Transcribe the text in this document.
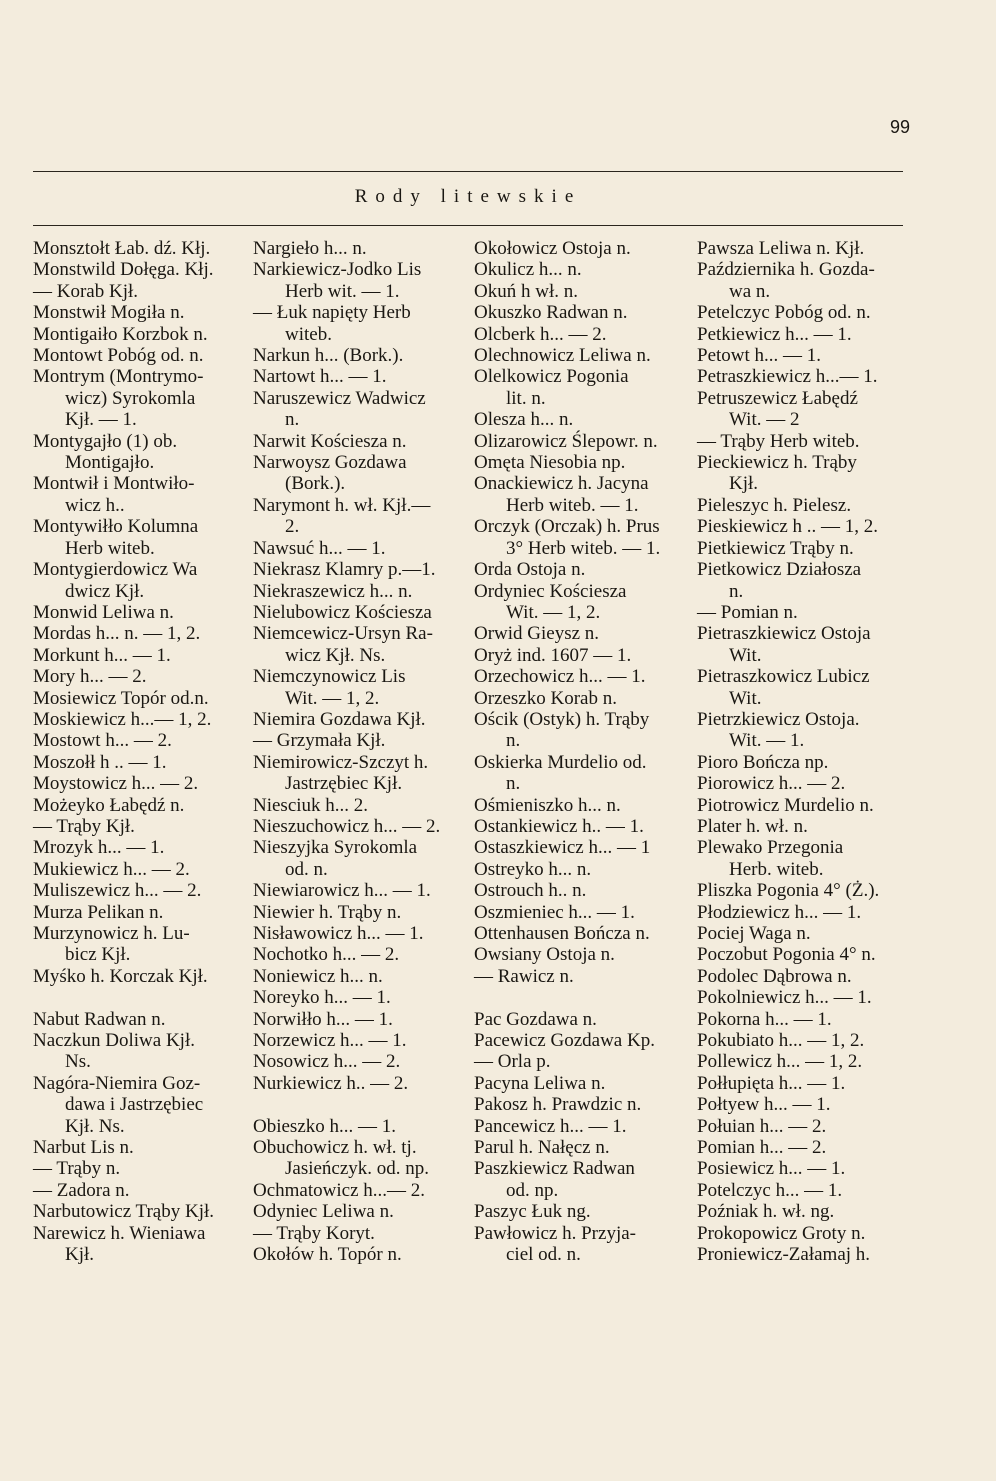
99
Rody litewskie
Monsztołt Łab. dź. Kłj.
Monstwild Dołęga. Kłj.
— Korab Kjł.
Monstwił Mogiła n.
Montigaiło Korzbok n.
Montowt Pobóg od. n.
Montrym (Montrymo-
wicz) Syrokomla
Kjł. — 1.
Montygajło (1) ob.
Montigajło.
Montwił i Montwiło-
wicz h..
Montywiłło Kolumna
Herb witeb.
Montygierdowicz Wa
dwicz Kjł.
Monwid Leliwa n.
Mordas h... n. — 1, 2.
Morkunt h... — 1.
Mory h... — 2.
Mosiewicz Topór od.n.
Moskiewicz h...— 1, 2.
Mostowt h... — 2.
Moszołł h .. — 1.
Moystowicz h... — 2.
Możeyko Łabędź n.
— Trąby Kjł.
Mrozyk h... — 1.
Mukiewicz h... — 2.
Muliszewicz h... — 2.
Murza Pelikan n.
Murzynowicz h. Lu-
bicz Kjł.
Myśko h. Korczak Kjł.
Nabut Radwan n.
Naczkun Doliwa Kjł.
Ns.
Nagóra-Niemira Goz-
dawa i Jastrzębiec
Kjł. Ns.
Narbut Lis n.
— Trąby n.
— Zadora n.
Narbutowicz Trąby Kjł.
Narewicz h. Wieniawa
Kjł.
Nargieło h... n.
Narkiewicz-Jodko Lis
Herb wit. — 1.
— Łuk napięty Herb
witeb.
Narkun h... (Bork.).
Nartowt h... — 1.
Naruszewicz Wadwicz
n.
Narwit Kościesza n.
Narwoysz Gozdawa
(Bork.).
Narymont h. wł. Kjł.—
2.
Nawsuć h... — 1.
Niekrasz Klamry p.—1.
Niekraszewicz h... n.
Nielubowicz Kościesza
Niemcewicz-Ursyn Ra-
wicz Kjł. Ns.
Niemczynowicz Lis
Wit. — 1, 2.
Niemira Gozdawa Kjł.
— Grzymała Kjł.
Niemirowicz-Szczyt h.
Jastrzębiec Kjł.
Niesciuk h... 2.
Nieszuchowicz h... — 2.
Nieszyjka Syrokomla
od. n.
Niewiarowicz h... — 1.
Niewier h. Trąby n.
Nisławowicz h... — 1.
Nochotko h... — 2.
Noniewicz h... n.
Noreyko h... — 1.
Norwiłło h... — 1.
Norzewicz h... — 1.
Nosowicz h... — 2.
Nurkiewicz h.. — 2.
Obieszko h... — 1.
Obuchowicz h. wł. tj.
Jasieńczyk. od. np.
Ochmatowicz h...— 2.
Odyniec Leliwa n.
— Trąby Koryt.
Okołów h. Topór n.
Okołowicz Ostoja n.
Okulicz h... n.
Okuń h wł. n.
Okuszko Radwan n.
Olcberk h... — 2.
Olechnowicz Leliwa n.
Olelkowicz Pogonia
lit. n.
Olesza h... n.
Olizarowicz Ślepowr. n.
Omęta Niesobia np.
Onackiewicz h. Jacyna
Herb witeb. — 1.
Orczyk (Orczak) h. Prus
3° Herb witeb. — 1.
Orda Ostoja n.
Ordyniec Kościesza
Wit. — 1, 2.
Orwid Gieysz n.
Oryż ind. 1607 — 1.
Orzechowicz h... — 1.
Orzeszko Korab n.
Ościk (Ostyk) h. Trąby
n.
Oskierka Murdelio od.
n.
Ośmieniszko h... n.
Ostankiewicz h.. — 1.
Ostaszkiewicz h... — 1
Ostreyko h... n.
Ostrouch h.. n.
Oszmieniec h... — 1.
Ottenhausen Bończa n.
Owsiany Ostoja n.
— Rawicz n.
Pac Gozdawa n.
Pacewicz Gozdawa Kp.
— Orla p.
Pacyna Leliwa n.
Pakosz h. Prawdzic n.
Pancewicz h... — 1.
Parul h. Nałęcz n.
Paszkiewicz Radwan
od. np.
Paszyc Łuk ng.
Pawłowicz h. Przyja-
ciel od. n.
Pawsza Leliwa n. Kjł.
Października h. Gozda-
wa n.
Petelczyc Pobóg od. n.
Petkiewicz h... — 1.
Petowt h... — 1.
Petraszkiewicz h...— 1.
Petruszewicz Łabędź
Wit. — 2
— Trąby Herb witeb.
Pieckiewicz h. Trąby
Kjł.
Pieleszyc h. Pielesz.
Pieskiewicz h .. — 1, 2.
Pietkiewicz Trąby n.
Pietkowicz Działosza
n.
— Pomian n.
Pietraszkiewicz Ostoja
Wit.
Pietraszkowicz Lubicz
Wit.
Pietrzkiewicz Ostoja.
Wit. — 1.
Pioro Bończa np.
Piorowicz h... — 2.
Piotrowicz Murdelio n.
Plater h. wł. n.
Plewako Przegonia
Herb. witeb.
Pliszka Pogonia 4° (Ż.).
Płodziewicz h... — 1.
Pociej Waga n.
Poczobut Pogonia 4° n.
Podolec Dąbrowa n.
Pokolniewicz h... — 1.
Pokorna h... — 1.
Pokubiato h... — 1, 2.
Pollewicz h... — 1, 2.
Połłupięta h... — 1.
Połtyew h... — 1.
Połuian h... — 2.
Pomian h... — 2.
Posiewicz h... — 1.
Potelczyc h... — 1.
Poźniak h. wł. ng.
Prokopowicz Groty n.
Proniewicz-Załamaj h.
